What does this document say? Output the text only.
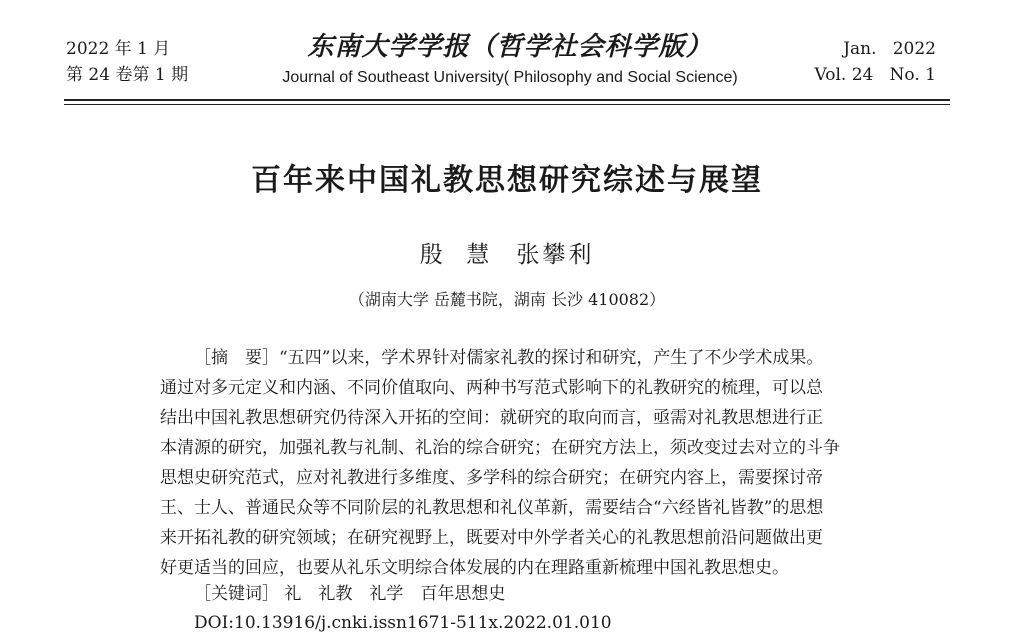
2022 年 1 月
第 24 卷第 1 期
东南大学学报（哲学社会科学版）
Journal of Southeast University( Philosophy and Social Science)
Jan.   2022
Vol. 24   No. 1
百年来中国礼教思想研究综述与展望
殷  慧 张攀利
（湖南大学 岳麓书院，湖南 长沙 410082）
［摘　要］“五四”以来，学术界针对儒家礼教的探讨和研究，产生了不少学术成果。
通过对多元定义和内涵、不同价值取向、两种书写范式影响下的礼教研究的梳理，可以总
结出中国礼教思想研究仍待深入开拓的空间：就研究的取向而言，亟需对礼教思想进行正
本清源的研究，加强礼教与礼制、礼治的综合研究；在研究方法上，须改变过去对立的斗争
思想史研究范式，应对礼教进行多维度、多学科的综合研究；在研究内容上，需要探讨帝
王、士人、普通民众等不同阶层的礼教思想和礼仪革新，需要结合“六经皆礼皆教”的思想
来开拓礼教的研究领域；在研究视野上，既要对中外学者关心的礼教思想前沿问题做出更
好更适当的回应，也要从礼乐文明综合体发展的内在理路重新梳理中国礼教思想史。
［关键词］ 礼　礼教　礼学　百年思想史
DOI:10.13916/j.cnki.issn1671-511x.2022.01.010
